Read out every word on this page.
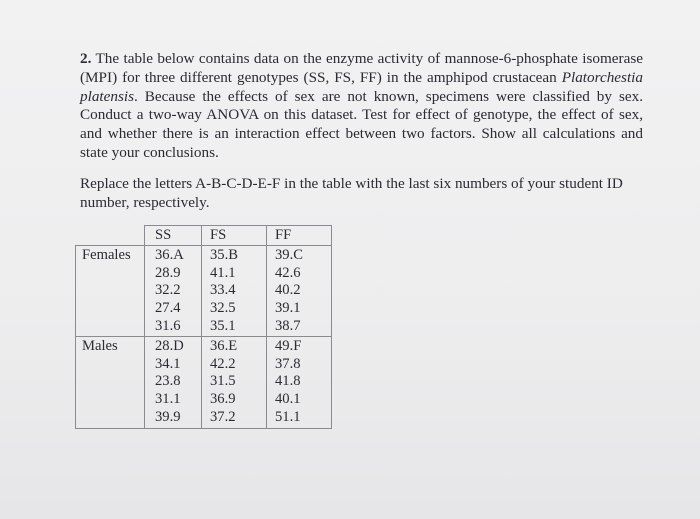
2. The table below contains data on the enzyme activity of mannose-6-phosphate isomerase (MPI) for three different genotypes (SS, FS, FF) in the amphipod crustacean Platorchestia platensis. Because the effects of sex are not known, specimens were classified by sex. Conduct a two-way ANOVA on this dataset. Test for effect of genotype, the effect of sex, and whether there is an interaction effect between two factors. Show all calculations and state your conclusions.

Replace the letters A-B-C-D-E-F in the table with the last six numbers of your student ID number, respectively.

	SS	FS	FF
Females	36.A	35.B	39.C
	28.9	41.1	42.6
	32.2	33.4	40.2
	27.4	32.5	39.1
	31.6	35.1	38.7
Males	28.D	36.E	49.F
	34.1	42.2	37.8
	23.8	31.5	41.8
	31.1	36.9	40.1
	39.9	37.2	51.1
